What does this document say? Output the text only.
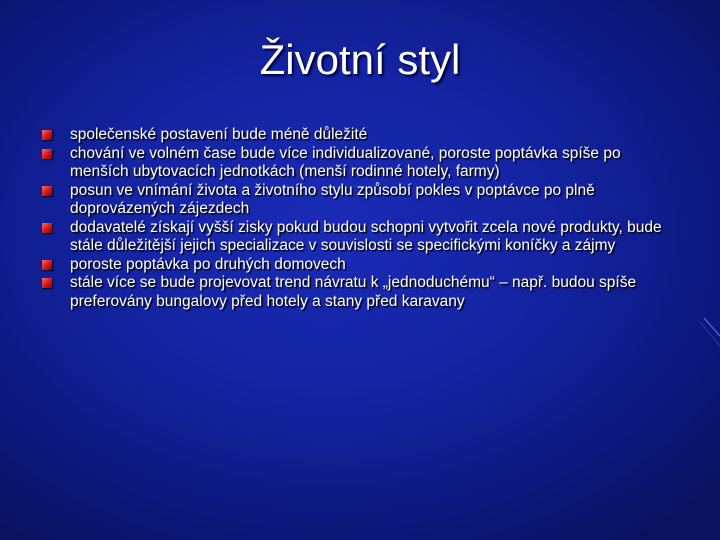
Životní styl
společenské postavení bude méně důležité
chování ve volném čase bude více individualizované, poroste poptávka spíše po menších ubytovacích jednotkách (menší rodinné hotely, farmy)
posun ve vnímání života a životního stylu způsobí pokles v poptávce po plně doprovázených zájezdech
dodavatelé získají vyšší zisky pokud budou schopni vytvořit zcela nové produkty, bude stále důležitější jejich specializace v souvislosti se specifickými koníčky a zájmy
poroste poptávka po druhých domovech
stále více se bude projevovat trend návratu k „jednoduchému“ – např. budou spíše preferovány bungalovy před hotely a stany před karavany
